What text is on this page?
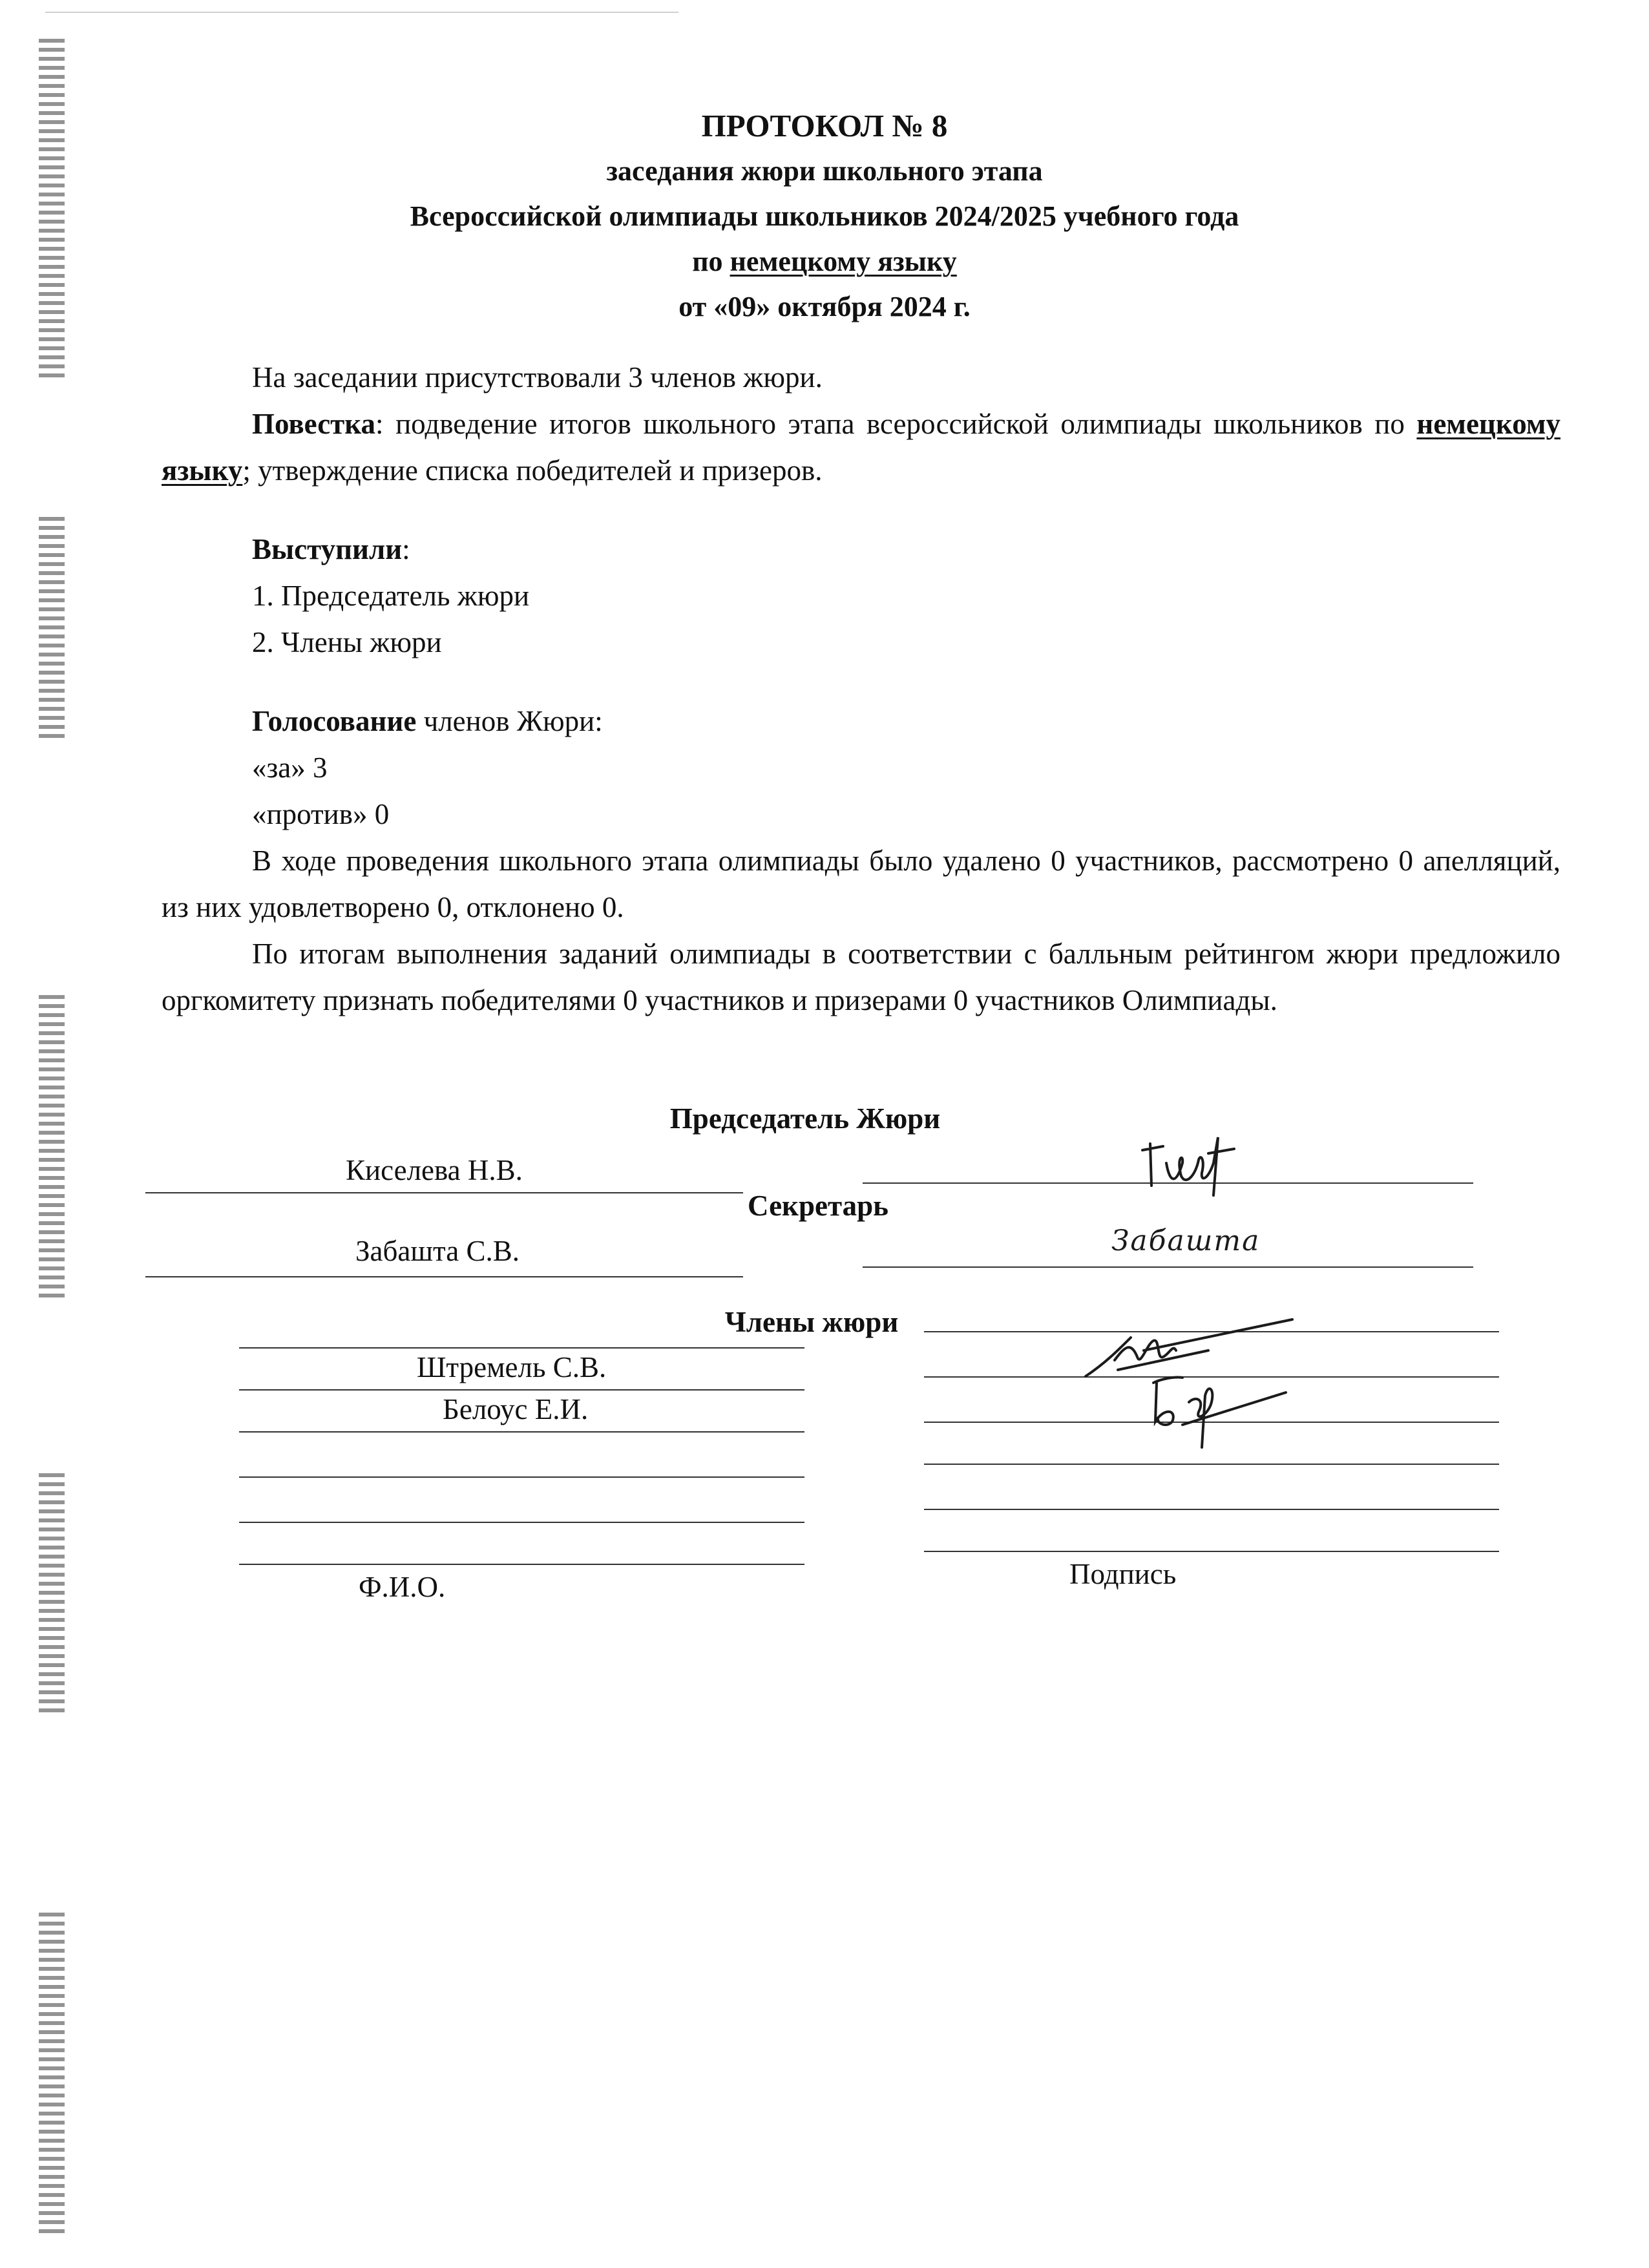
ПРОТОКОЛ № 8
заседания жюри школьного этапа
Всероссийской олимпиады школьников 2024/2025 учебного года
по немецкому языку
от «09» октября 2024 г.
На заседании присутствовали 3 членов жюри.
Повестка: подведение итогов школьного этапа всероссийской олимпиады школьников по немецкому языку; утверждение списка победителей и призеров.
Выступили:
1. Председатель жюри
2. Члены жюри
Голосование членов Жюри:
«за» 3
«против» 0
В ходе проведения школьного этапа олимпиады было удалено 0 участников, рассмотрено 0 апелляций, из них удовлетворено 0, отклонено 0.
По итогам выполнения заданий олимпиады в соответствии с балльным рейтингом жюри предложило оргкомитету признать победителями 0 участников и призерами 0 участников Олимпиады.
Председатель Жюри
Киселева Н.В.
Секретарь
Забашта С.В.	Забашта
Члены жюри
Штремель С.В.
Белоус Е.И.
Ф.И.О.	Подпись
